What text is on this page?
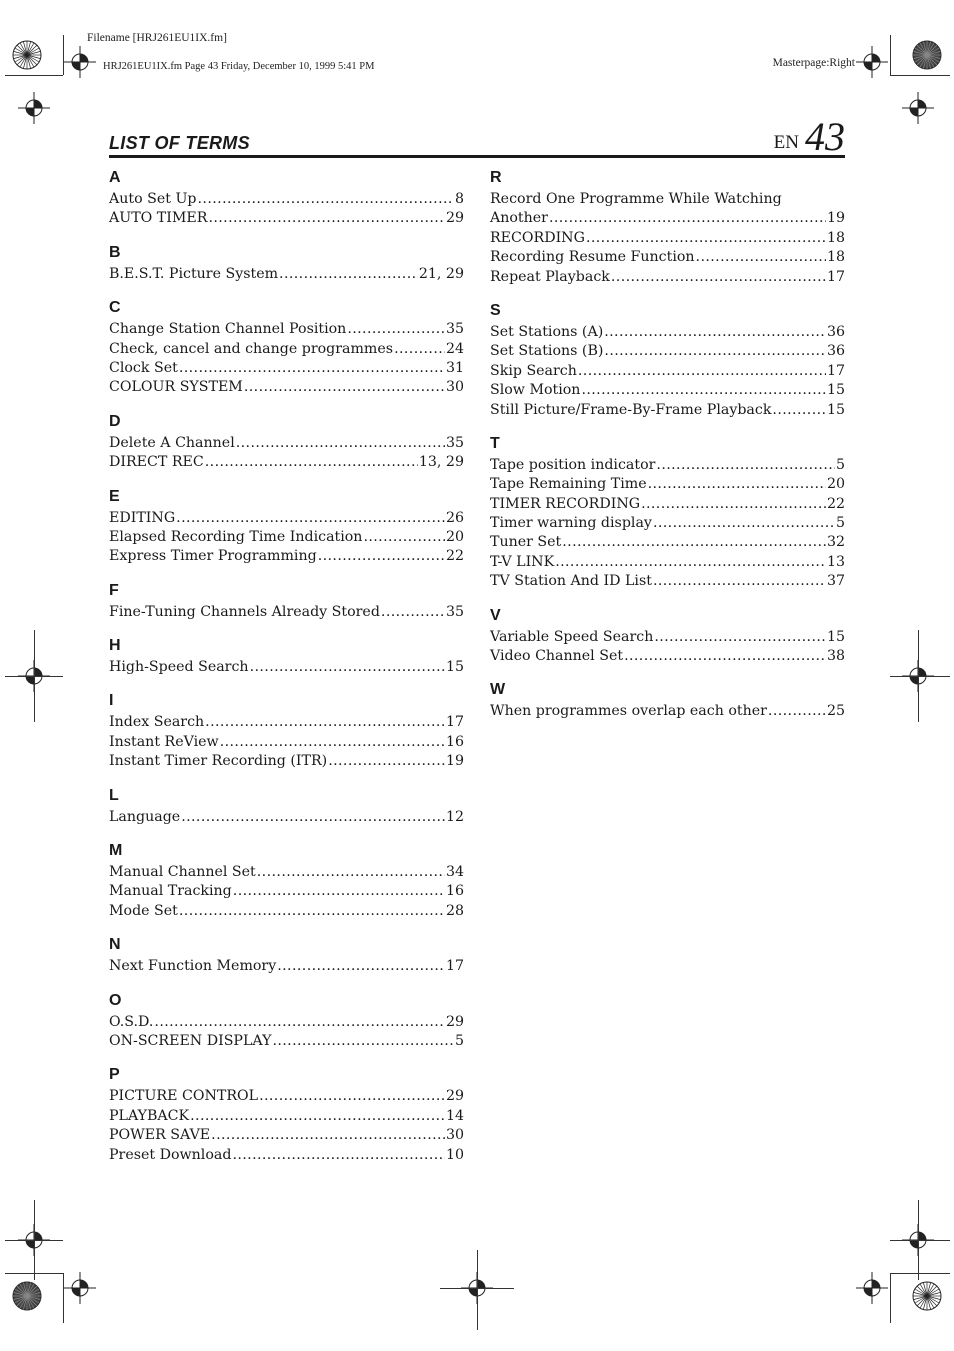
Filename [HRJ261EU1IX.fm]
HRJ261EU1IX.fm Page 43 Friday, December 10, 1999 5:41 PM	Masterpage:Right
LIST OF TERMS	EN 43
A
Auto Set Up .....	8
AUTO TIMER .....	29
B
B.E.S.T. Picture System .....	21, 29
C
Change Station Channel Position .....	35
Check, cancel and change programmes .....	24
Clock Set .....	31
COLOUR SYSTEM .....	30
D
Delete A Channel .....	35
DIRECT REC .....	13, 29
E
EDITING .....	26
Elapsed Recording Time Indication .....	20
Express Timer Programming .....	22
F
Fine-Tuning Channels Already Stored .....	35
H
High-Speed Search .....	15
I
Index Search .....	17
Instant ReView .....	16
Instant Timer Recording (ITR) .....	19
L
Language .....	12
M
Manual Channel Set .....	34
Manual Tracking .....	16
Mode Set .....	28
N
Next Function Memory .....	17
O
O.S.D. .....	29
ON-SCREEN DISPLAY .....	5
P
PICTURE CONTROL .....	29
PLAYBACK .....	14
POWER SAVE .....	30
Preset Download .....	10
R
Record One Programme While Watching
Another .....	19
RECORDING .....	18
Recording Resume Function .....	18
Repeat Playback .....	17
S
Set Stations (A) .....	36
Set Stations (B) .....	36
Skip Search .....	17
Slow Motion .....	15
Still Picture/Frame-By-Frame Playback .....	15
T
Tape position indicator .....	5
Tape Remaining Time .....	20
TIMER RECORDING .....	22
Timer warning display .....	5
Tuner Set .....	32
T-V LINK .....	13
TV Station And ID List .....	37
V
Variable Speed Search .....	15
Video Channel Set .....	38
W
When programmes overlap each other .....	25
